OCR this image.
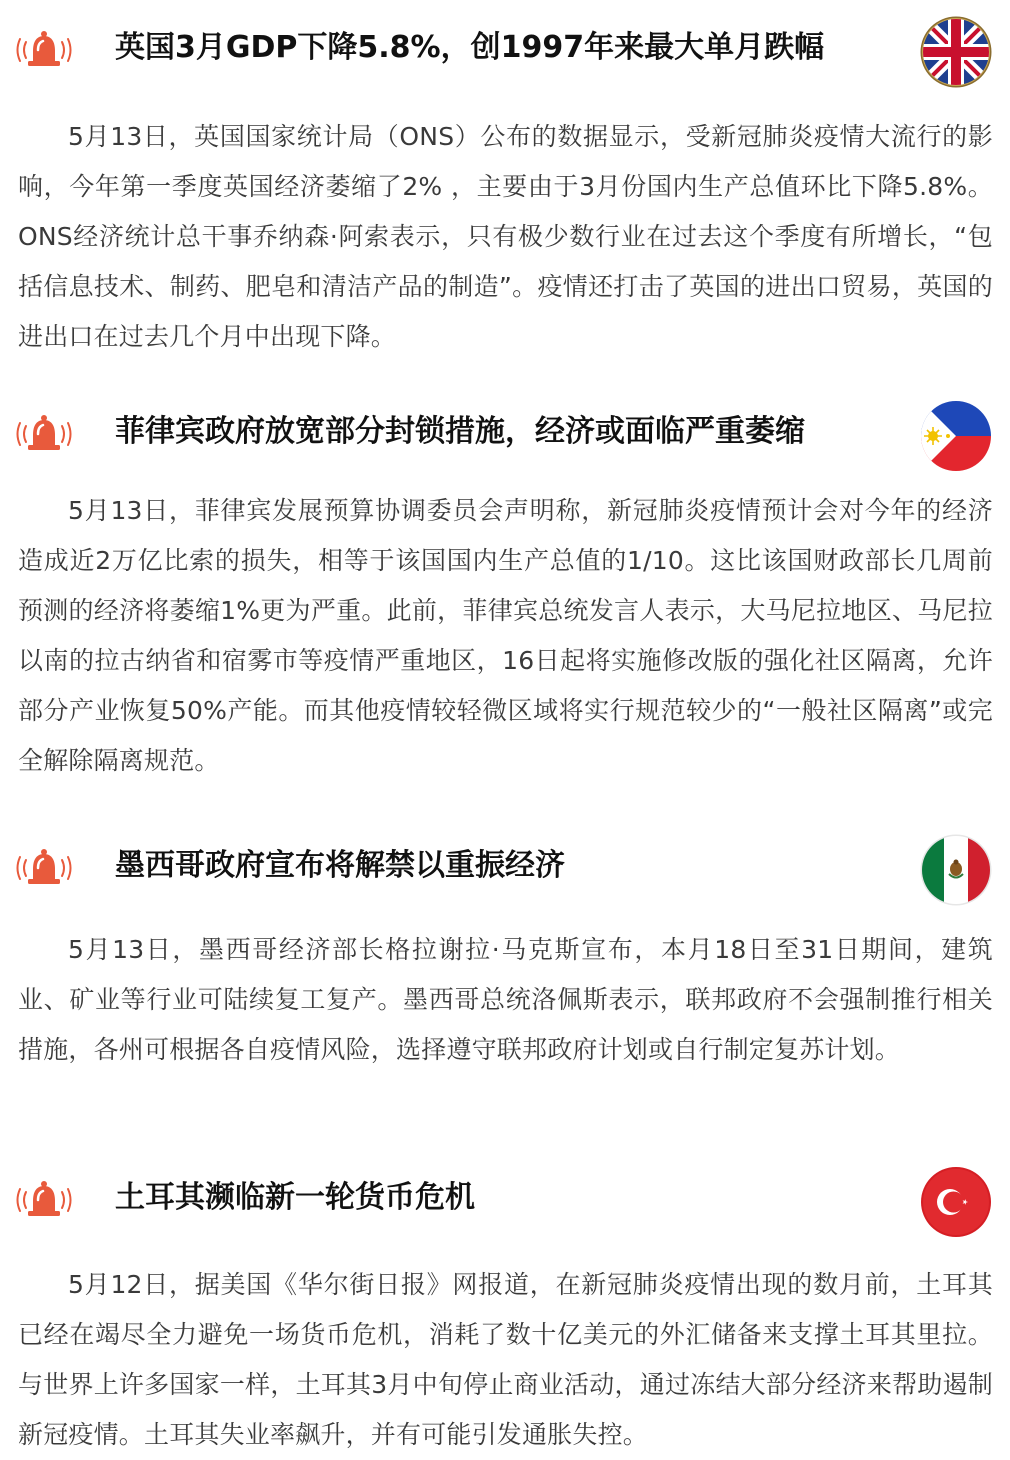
英国3月GDP下降5.8%，创1997年来最大单月跌幅
5月13日，英国国家统计局（ONS）公布的数据显示，受新冠肺炎疫情大流行的影响，今年第一季度英国经济萎缩了2% ，主要由于3月份国内生产总值环比下降5.8%。ONS经济统计总干事乔纳森·阿索表示，只有极少数行业在过去这个季度有所增长，“包括信息技术、制药、肥皂和清洁产品的制造”。疫情还打击了英国的进出口贸易，英国的进出口在过去几个月中出现下降。
菲律宾政府放宽部分封锁措施，经济或面临严重萎缩
5月13日，菲律宾发展预算协调委员会声明称，新冠肺炎疫情预计会对今年的经济造成近2万亿比索的损失，相等于该国国内生产总值的1/10。这比该国财政部长几周前预测的经济将萎缩1%更为严重。此前，菲律宾总统发言人表示，大马尼拉地区、马尼拉以南的拉古纳省和宿雾市等疫情严重地区，16日起将实施修改版的强化社区隔离，允许部分产业恢复50%产能。而其他疫情较轻微区域将实行规范较少的“一般社区隔离”或完全解除隔离规范。
墨西哥政府宣布将解禁以重振经济
5月13日，墨西哥经济部长格拉谢拉·马克斯宣布，本月18日至31日期间，建筑业、矿业等行业可陆续复工复产。墨西哥总统洛佩斯表示，联邦政府不会强制推行相关措施，各州可根据各自疫情风险，选择遵守联邦政府计划或自行制定复苏计划。
土耳其濒临新一轮货币危机
5月12日，据美国《华尔街日报》网报道，在新冠肺炎疫情出现的数月前，土耳其已经在竭尽全力避免一场货币危机，消耗了数十亿美元的外汇储备来支撑土耳其里拉。与世界上许多国家一样，土耳其3月中旬停止商业活动，通过冻结大部分经济来帮助遏制新冠疫情。土耳其失业率飙升，并有可能引发通胀失控。
